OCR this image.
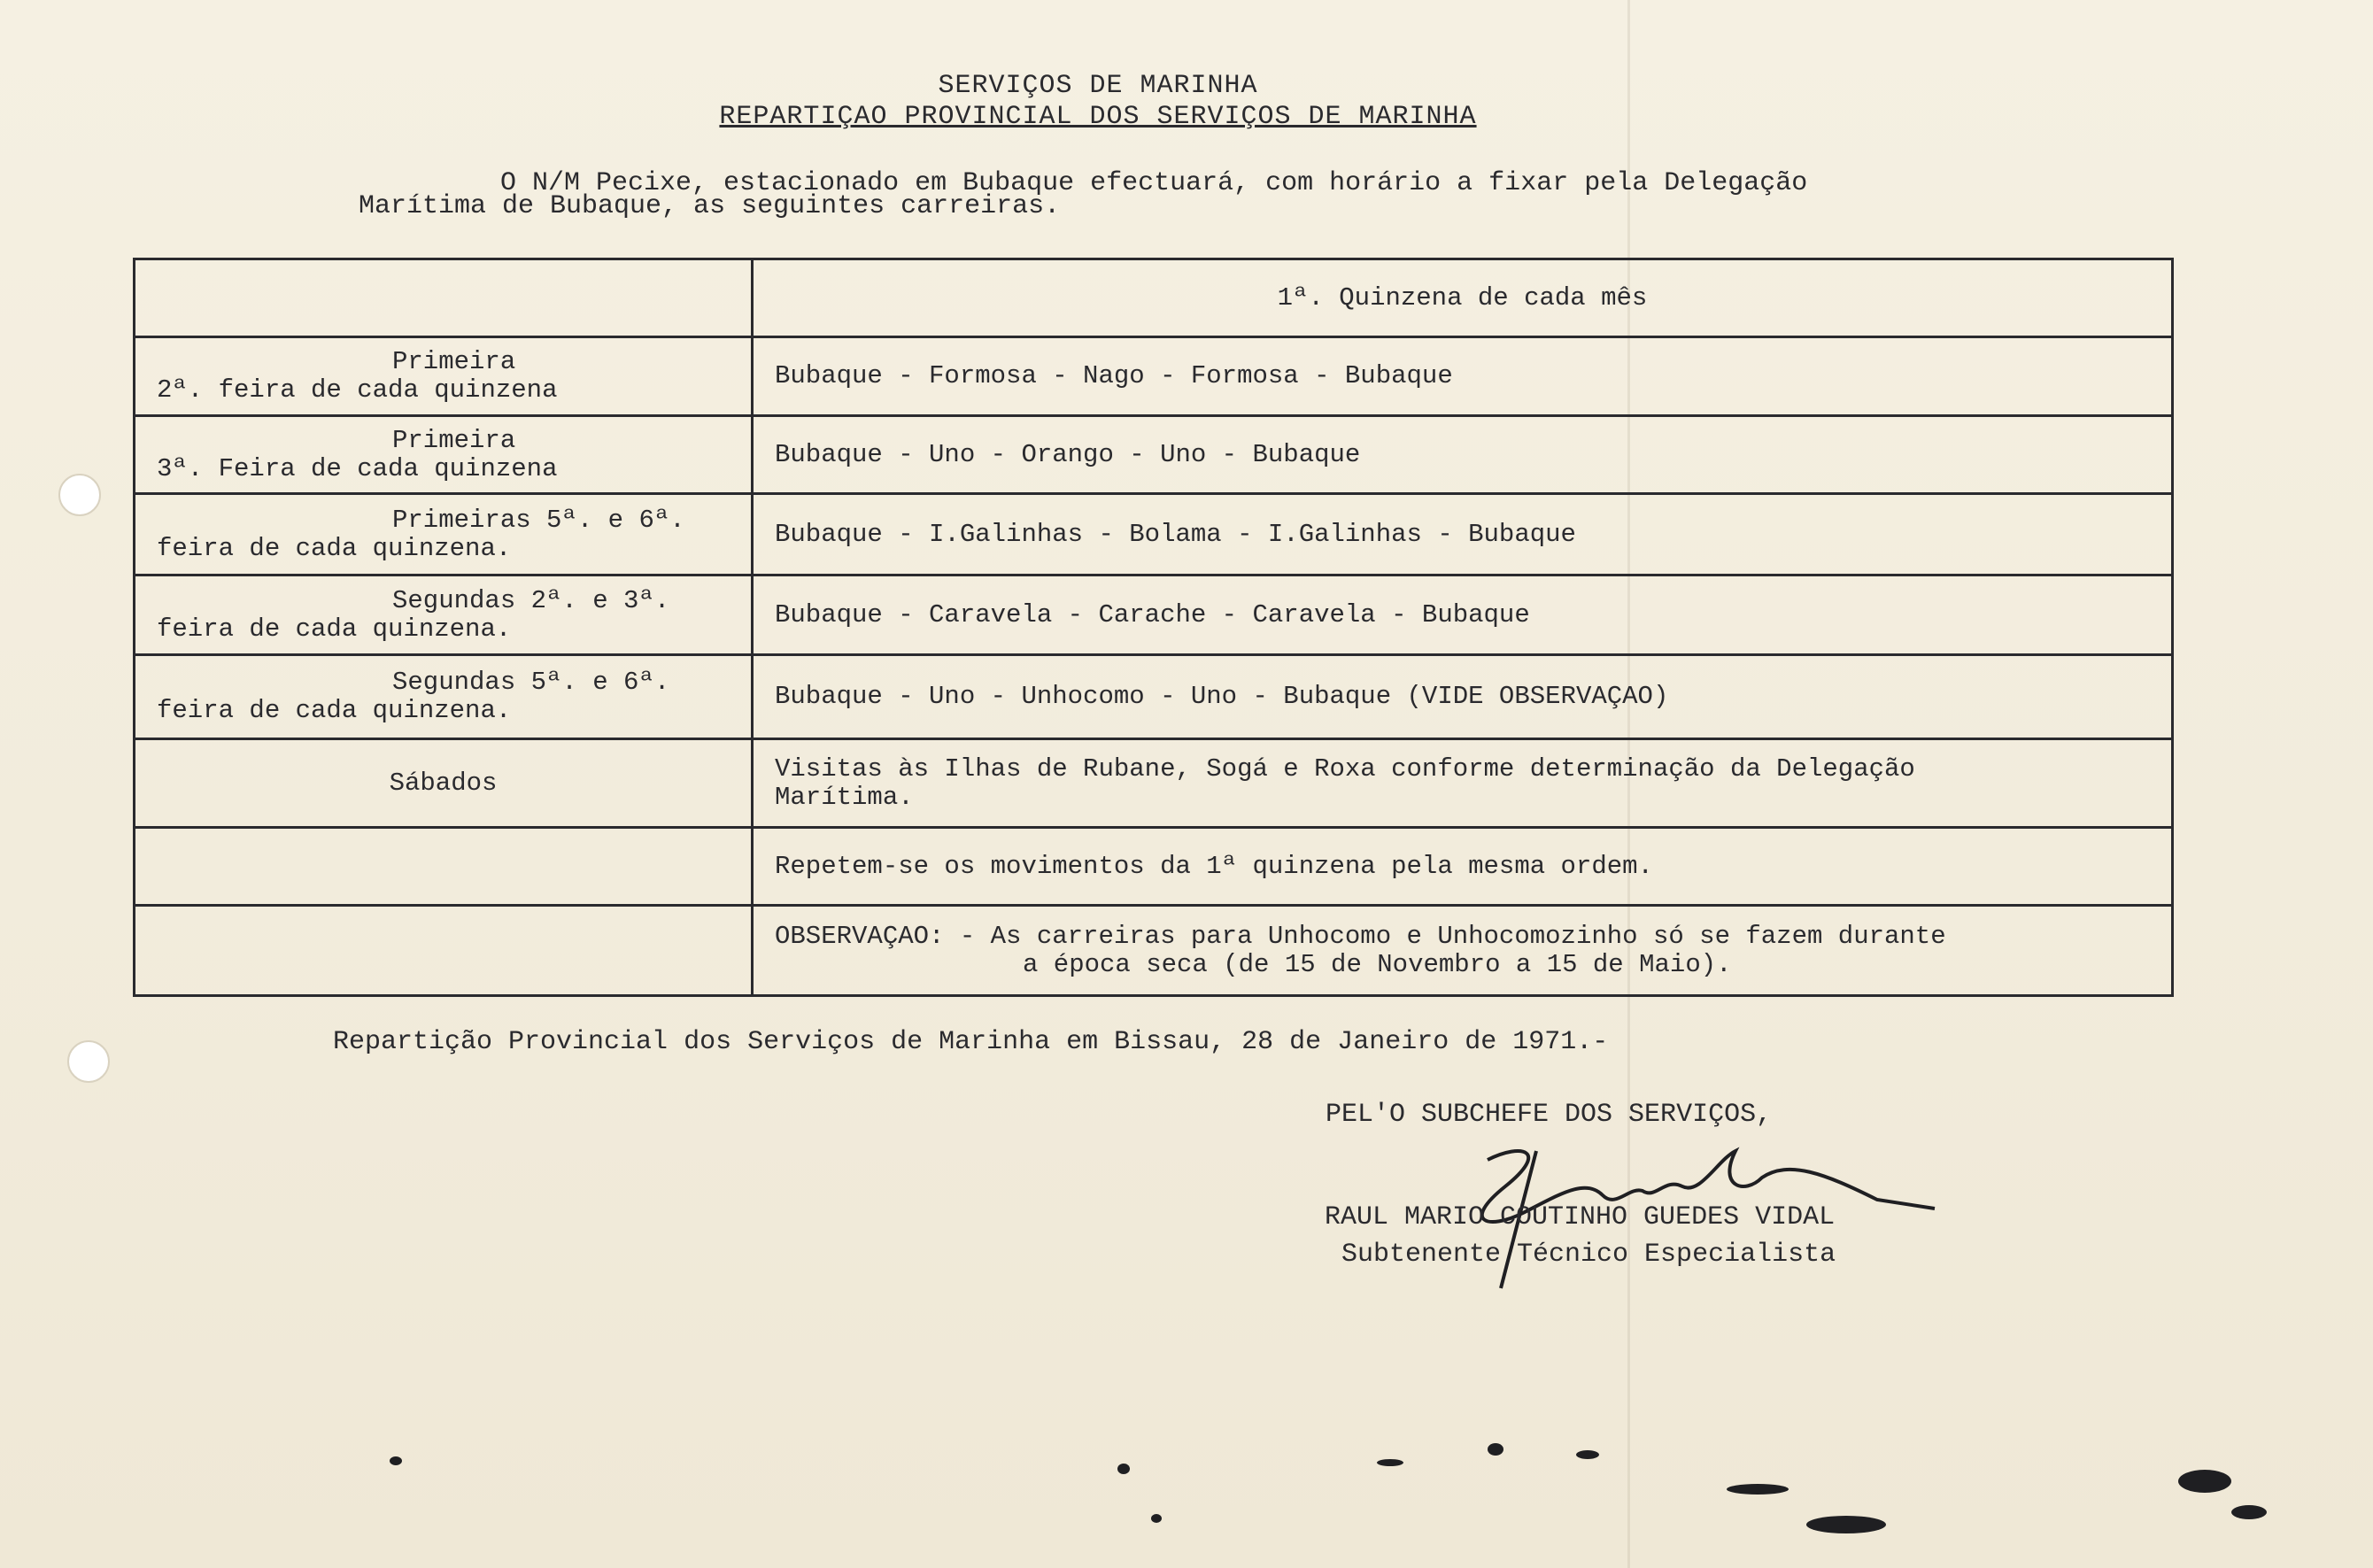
SERVIÇOS DE MARINHA
REPARTIÇAO PROVINCIAL DOS SERVIÇOS DE MARINHA
O N/M Pecixe, estacionado em Bubaque efectuará, com horário a fixar pela Delegação
Marítima de Bubaque, as seguintes carreiras.
	1ª. Quinzena de cada mês

Primeira
2ª. feira de cada quinzena	Bubaque - Formosa - Nago - Formosa - Bubaque

Primeira
3ª. Feira de cada quinzena	Bubaque - Uno - Orango - Uno - Bubaque

Primeiras 5ª. e 6ª.
feira de cada quinzena.	Bubaque - I.Galinhas - Bolama - I.Galinhas - Bubaque

Segundas 2ª. e 3ª.
feira de cada quinzena.	Bubaque - Caravela - Carache - Caravela - Bubaque

Segundas 5ª. e 6ª.
feira de cada quinzena.	Bubaque - Uno - Unhocomo - Uno - Bubaque (VIDE OBSERVAÇAO)
Sábados	Visitas às Ilhas de Rubane, Sogá e Roxa conforme determinação da Delegação
Marítima.

	Repetem-se os movimentos da 1ª quinzena pela mesma ordem.

	OBSERVAÇAO: - As carreiras para Unhocomo e Unhocomozinho só se fazem durante
a época seca (de 15 de Novembro a 15 de Maio).
Repartição Provincial dos Serviços de Marinha em Bissau, 28 de Janeiro de 1971.-
PEL'O SUBCHEFE DOS SERVIÇOS,
RAUL MARIO COUTINHO GUEDES VIDAL
Subtenente Técnico Especialista
